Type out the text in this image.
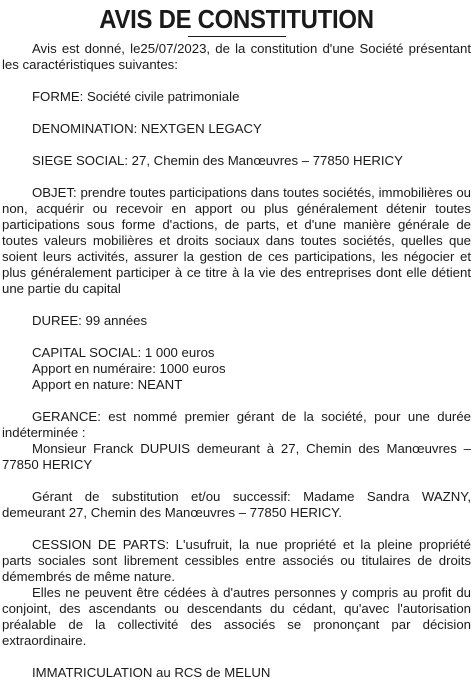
AVIS DE CONSTITUTION

Avis est donné, le25/07/2023, de la constitution d'une Société présentant les caractéristiques suivantes:

FORME: Société civile patrimoniale

DENOMINATION: NEXTGEN LEGACY

SIEGE SOCIAL: 27, Chemin des Manœuvres – 77850 HERICY

OBJET: prendre toutes participations dans toutes sociétés, immobilières ou non, acquérir ou recevoir en apport ou plus généralement détenir toutes participations sous forme d'actions, de parts, et d'une manière générale de toutes valeurs mobilières et droits sociaux dans toutes sociétés, quelles que soient leurs activités, assurer la gestion de ces participations, les négocier et plus généralement participer à ce titre à la vie des entreprises dont elle détient une partie du capital

DUREE: 99 années

CAPITAL SOCIAL: 1 000 euros

Apport en numéraire: 1000 euros

Apport en nature: NEANT

GERANCE: est nommé premier gérant de la société, pour une durée indéterminée :

Monsieur Franck DUPUIS demeurant à 27, Chemin des Manœuvres – 77850 HERICY

Gérant de substitution et/ou successif: Madame Sandra WAZNY, demeurant 27, Chemin des Manœuvres – 77850 HERICY.

CESSION DE PARTS: L'usufruit, la nue propriété et la pleine propriété parts sociales sont librement cessibles entre associés ou titulaires de droits démembrés de même nature.

Elles ne peuvent être cédées à d'autres personnes y compris au profit du conjoint, des ascendants ou descendants du cédant, qu'avec l'autorisation préalable de la collectivité des associés se prononçant par décision extraordinaire.

IMMATRICULATION au RCS de MELUN
